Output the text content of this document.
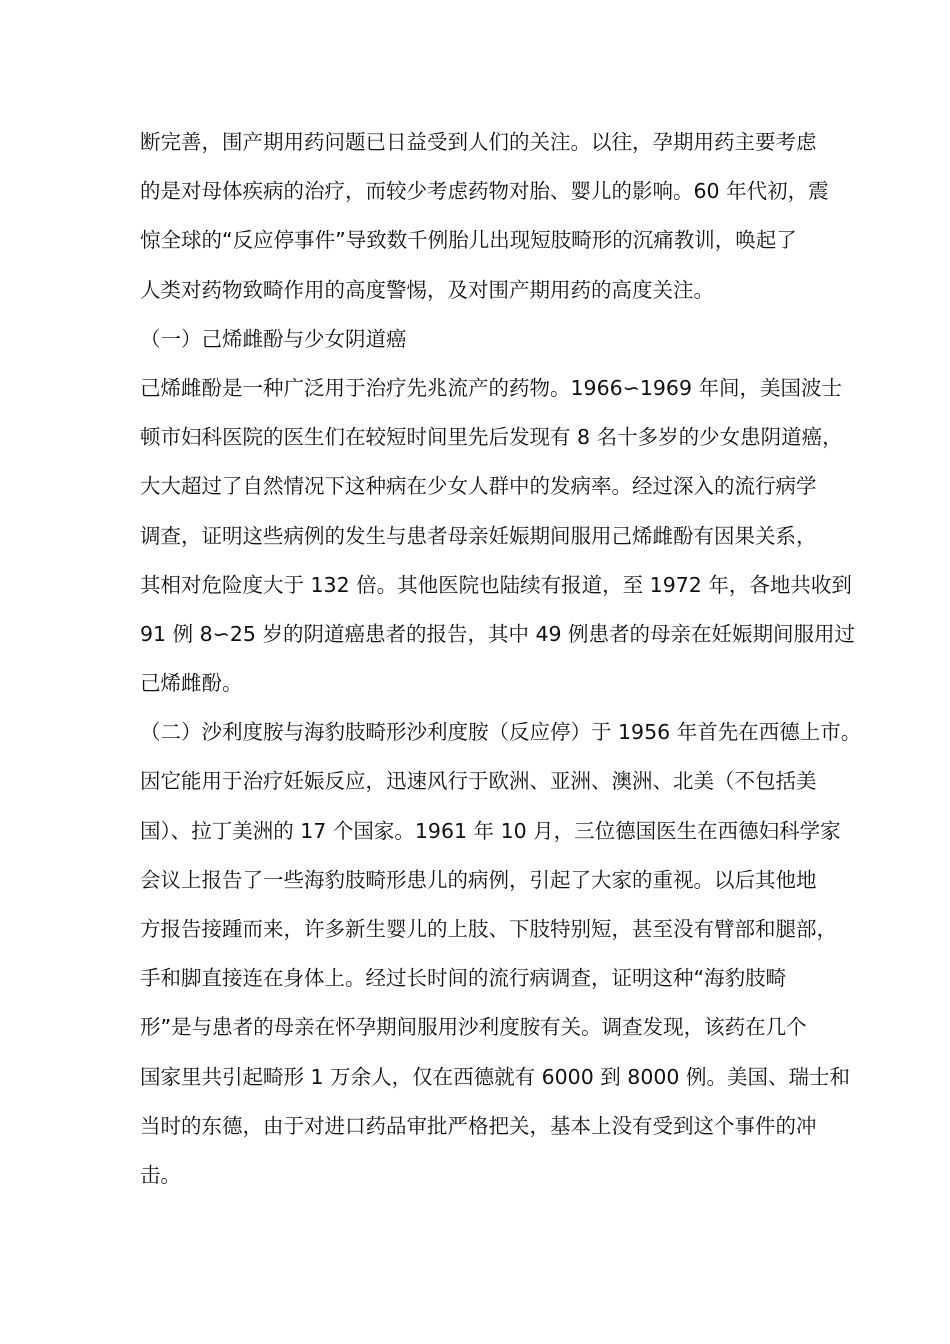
断完善，围产期用药问题已日益受到人们的关注。以往，孕期用药主要考虑

的是对母体疾病的治疗，而较少考虑药物对胎、婴儿的影响。60 年代初，震

惊全球的“反应停事件”导致数千例胎儿出现短肢畸形的沉痛教训，唤起了

人类对药物致畸作用的高度警惕，及对围产期用药的高度关注。

（一）己烯雌酚与少女阴道癌

己烯雌酚是一种广泛用于治疗先兆流产的药物。1966∽1969 年间，美国波士

顿市妇科医院的医生们在较短时间里先后发现有 8 名十多岁的少女患阴道癌，

大大超过了自然情况下这种病在少女人群中的发病率。经过深入的流行病学

调查，证明这些病例的发生与患者母亲妊娠期间服用己烯雌酚有因果关系，

其相对危险度大于 132 倍。其他医院也陆续有报道，至 1972 年，各地共收到

91 例 8∽25 岁的阴道癌患者的报告，其中 49 例患者的母亲在妊娠期间服用过

己烯雌酚。

（二）沙利度胺与海豹肢畸形沙利度胺（反应停）于 1956 年首先在西德上市。

因它能用于治疗妊娠反应，迅速风行于欧洲、亚洲、澳洲、北美（不包括美

国）、拉丁美洲的 17 个国家。1961 年 10 月，三位德国医生在西德妇科学家

会议上报告了一些海豹肢畸形患儿的病例，引起了大家的重视。以后其他地

方报告接踵而来，许多新生婴儿的上肢、下肢特别短，甚至没有臂部和腿部，

手和脚直接连在身体上。经过长时间的流行病调查，证明这种“海豹肢畸

形”是与患者的母亲在怀孕期间服用沙利度胺有关。调查发现，该药在几个

国家里共引起畸形 1 万余人，仅在西德就有 6000 到 8000 例。美国、瑞士和

当时的东德，由于对进口药品审批严格把关，基本上没有受到这个事件的冲

击。
